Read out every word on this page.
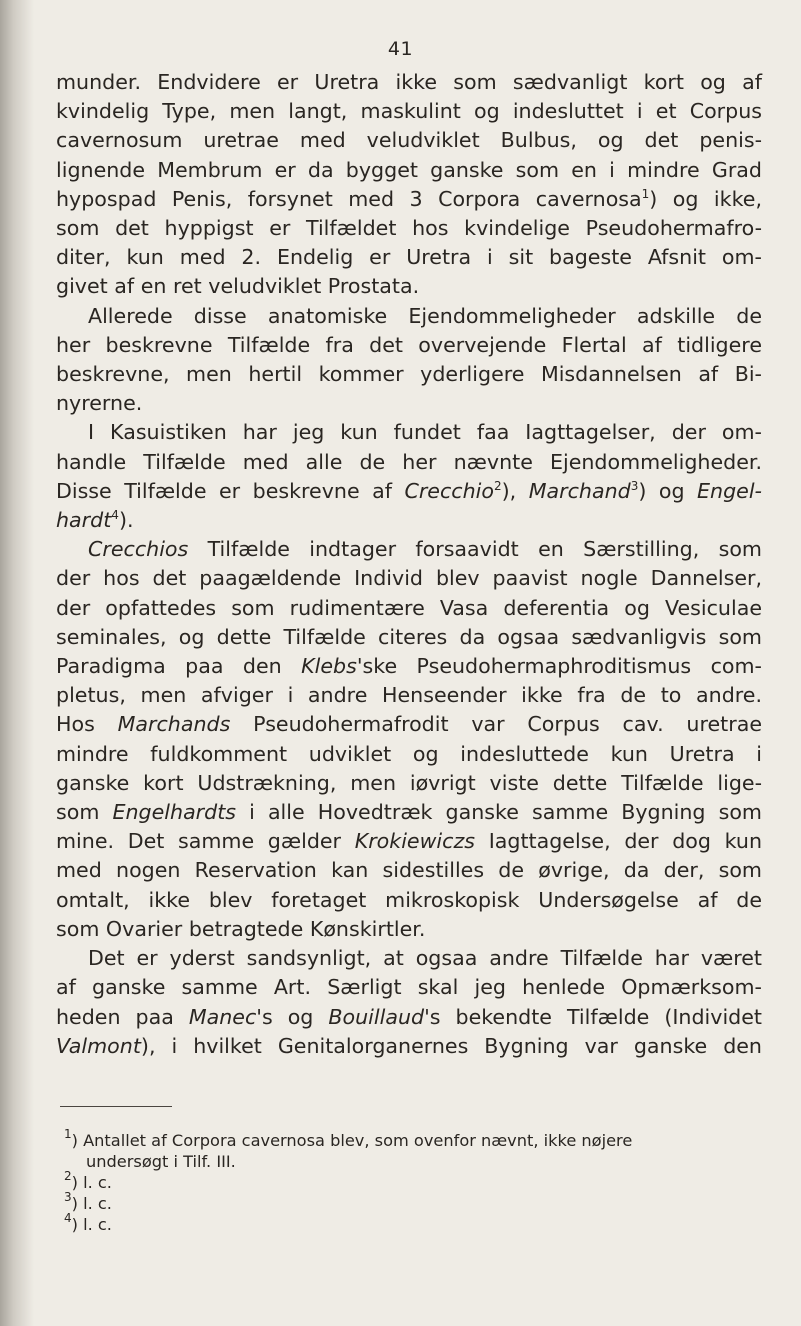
41
munder. Endvidere er Uretra ikke som sædvanligt kort og af
kvindelig Type, men langt, maskulint og indesluttet i et Corpus
cavernosum uretrae med veludviklet Bulbus, og det penis-
lignende Membrum er da bygget ganske som en i mindre Grad
hypospad Penis, forsynet med 3 Corpora cavernosa$^1$) og ikke,
som det hyppigst er Tilfældet hos kvindelige Pseudohermafro-
diter, kun med 2. Endelig er Uretra i sit bageste Afsnit om-
givet af en ret veludviklet Prostata.
Allerede disse anatomiske Ejendommeligheder adskille de
her beskrevne Tilfælde fra det overvejende Flertal af tidligere
beskrevne, men hertil kommer yderligere Misdannelsen af Bi-
nyrerne.
I Kasuistiken har jeg kun fundet faa Iagttagelser, der om-
handle Tilfælde med alle de her nævnte Ejendommeligheder.
Disse Tilfælde er beskrevne af Crecchio$^2$), Marchand$^3$) og Engel-
hardt$^4$).
Crecchios Tilfælde indtager forsaavidt en Særstilling, som
der hos det paagældende Individ blev paavist nogle Dannelser,
der opfattedes som rudimentære Vasa deferentia og Vesiculae
seminales, og dette Tilfælde citeres da ogsaa sædvanligvis som
Paradigma paa den Klebs'ske Pseudohermaphroditismus com-
pletus, men afviger i andre Henseender ikke fra de to andre.
Hos Marchands Pseudohermafrodit var Corpus cav. uretrae
mindre fuldkomment udviklet og indesluttede kun Uretra i
ganske kort Udstrækning, men iøvrigt viste dette Tilfælde lige-
som Engelhardts i alle Hovedtræk ganske samme Bygning som
mine. Det samme gælder Krokiewiczs Iagttagelse, der dog kun
med nogen Reservation kan sidestilles de øvrige, da der, som
omtalt, ikke blev foretaget mikroskopisk Undersøgelse af de
som Ovarier betragtede Kønskirtler.
Det er yderst sandsynligt, at ogsaa andre Tilfælde har været
af ganske samme Art. Særligt skal jeg henlede Opmærksom-
heden paa Manec's og Bouillaud's bekendte Tilfælde (Individet
Valmont), i hvilket Genitalorganernes Bygning var ganske den
$^1$) Antallet af Corpora cavernosa blev, som ovenfor nævnt, ikke nøjere
undersøgt i Tilf. III.
$^2$) l. c.
$^3$) l. c.
$^4$) l. c.
